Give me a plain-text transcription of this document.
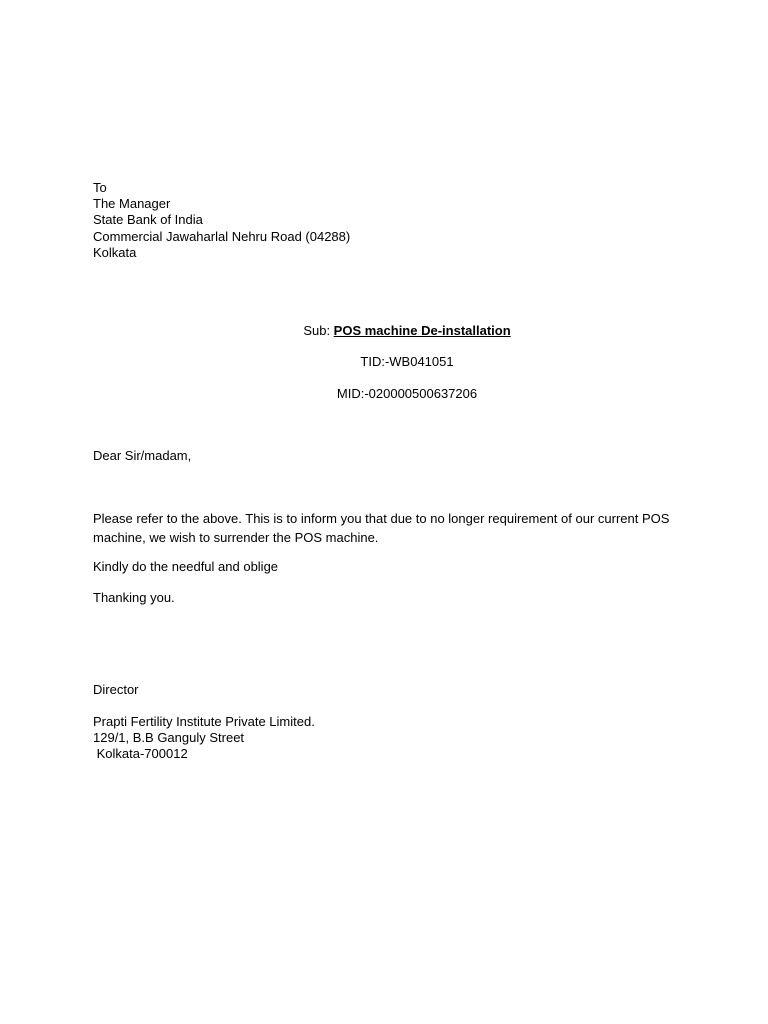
To
The Manager
State Bank of India
Commercial Jawaharlal Nehru Road (04288)
Kolkata
Sub: POS machine De-installation
TID:-WB041051
MID:-020000500637206
Dear Sir/madam,
Please refer to the above. This is to inform you that due to no longer requirement of our current POS machine, we wish to surrender the POS machine.
Kindly do the needful and oblige
Thanking you.
Director
Prapti Fertility Institute Private Limited.
129/1, B.B Ganguly Street
Kolkata-700012
